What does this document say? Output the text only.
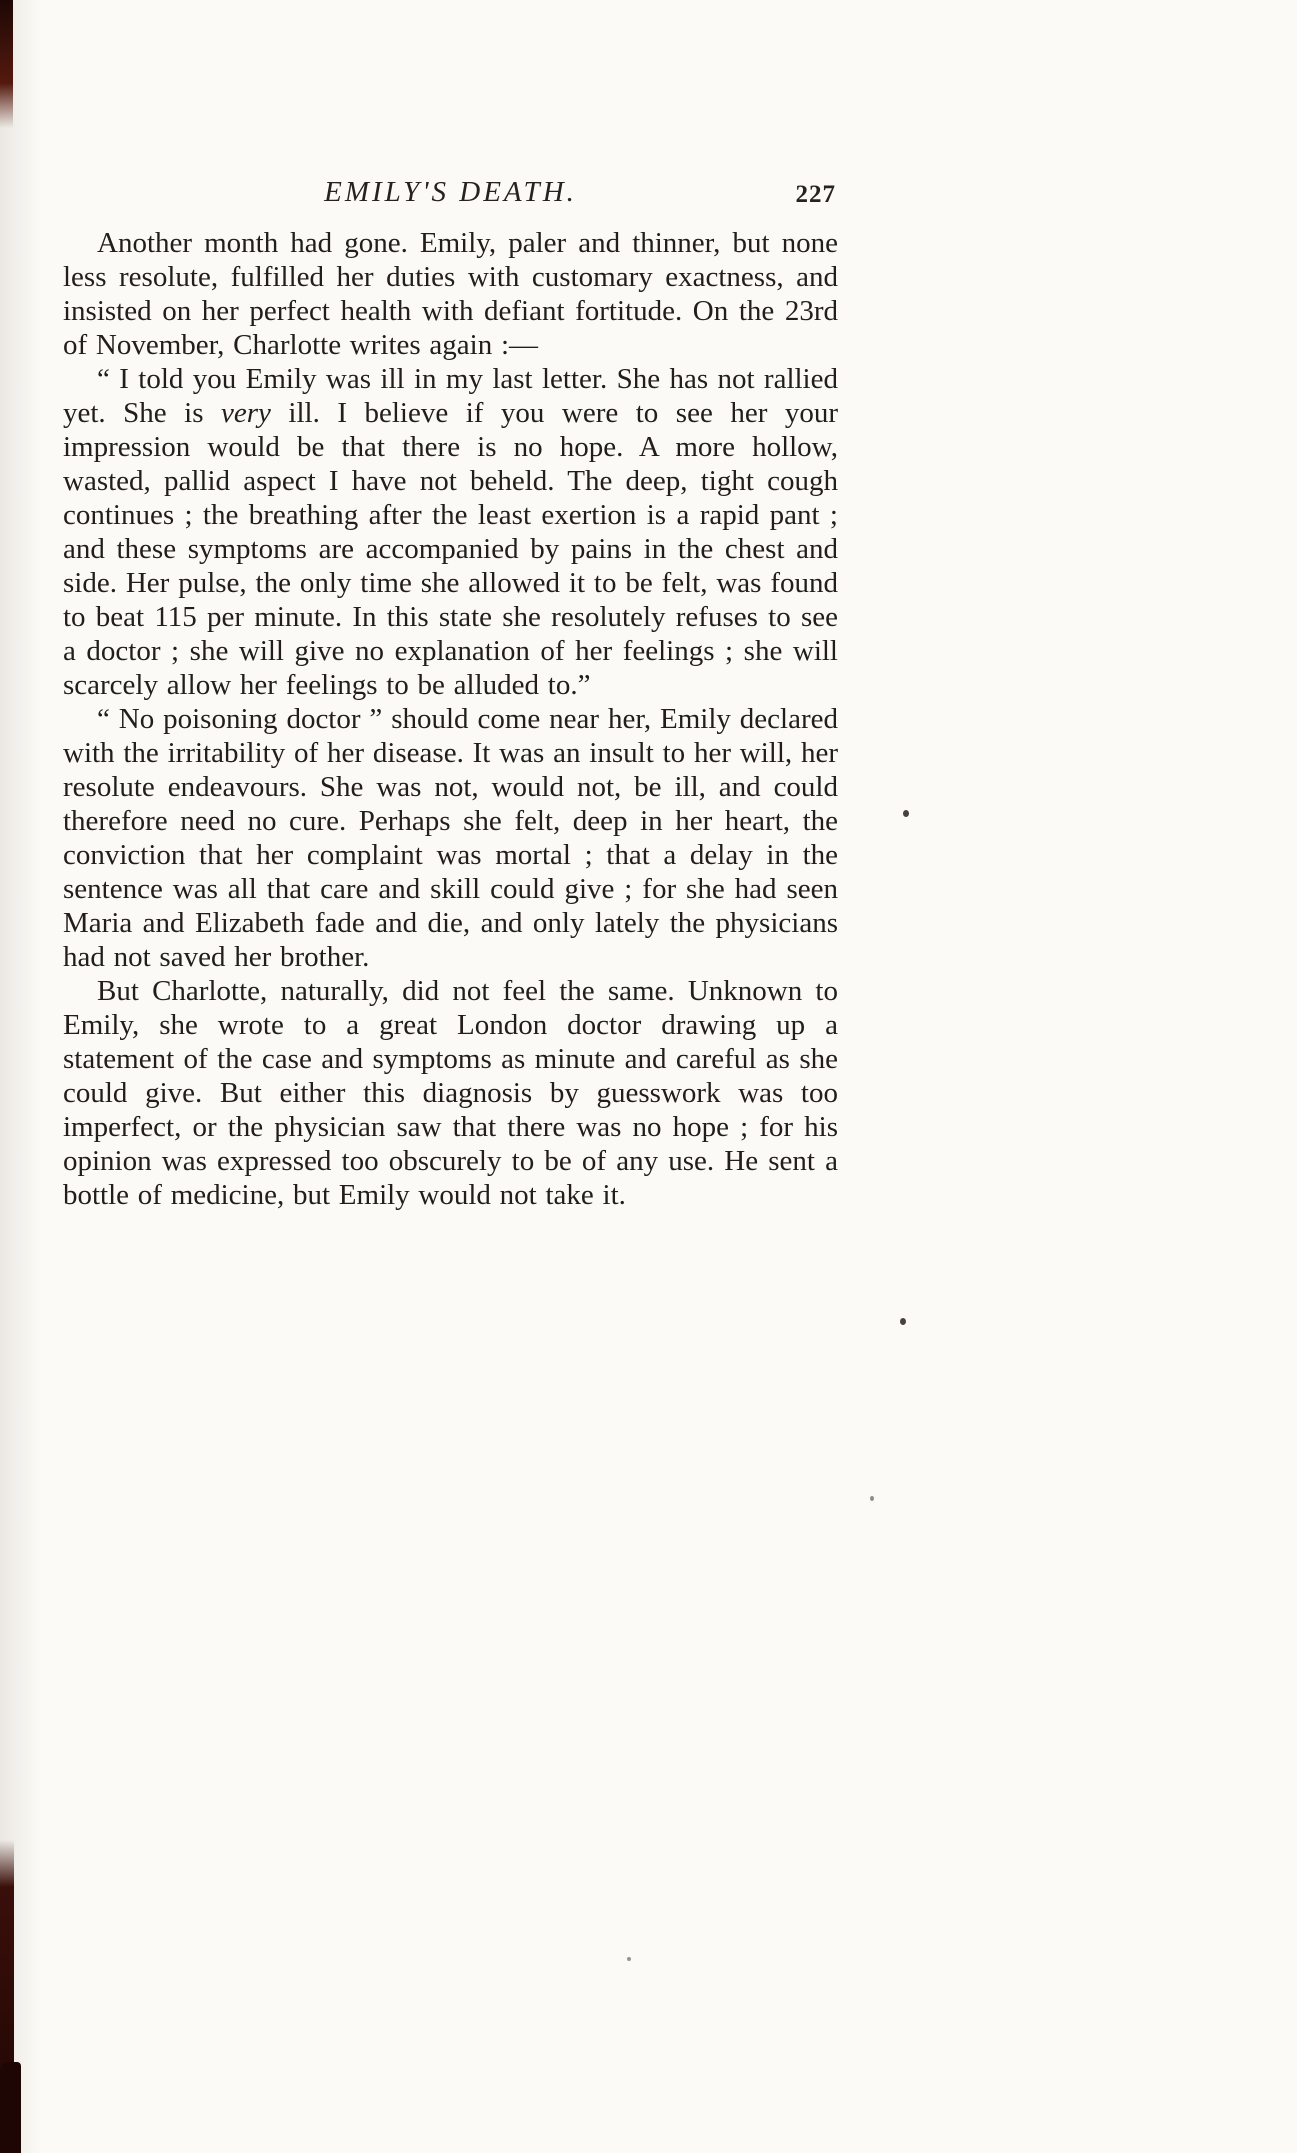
EMILY'S DEATH.	227

Another month had gone. Emily, paler and thinner, but none less resolute, fulfilled her duties with customary exactness, and insisted on her perfect health with defiant fortitude. On the 23rd of November, Charlotte writes again :—

“ I told you Emily was ill in my last letter. She has not rallied yet. She is very ill. I believe if you were to see her your impression would be that there is no hope. A more hollow, wasted, pallid aspect I have not beheld. The deep, tight cough continues ; the breathing after the least exertion is a rapid pant ; and these symptoms are accompanied by pains in the chest and side. Her pulse, the only time she allowed it to be felt, was found to beat 115 per minute. In this state she resolutely refuses to see a doctor ; she will give no explanation of her feelings ; she will scarcely allow her feelings to be alluded to.”

“ No poisoning doctor ” should come near her, Emily declared with the irritability of her disease. It was an insult to her will, her resolute endeavours. She was not, would not, be ill, and could therefore need no cure. Perhaps she felt, deep in her heart, the conviction that her complaint was mortal ; that a delay in the sentence was all that care and skill could give ; for she had seen Maria and Elizabeth fade and die, and only lately the physicians had not saved her brother.

But Charlotte, naturally, did not feel the same. Unknown to Emily, she wrote to a great London doctor drawing up a statement of the case and symptoms as minute and careful as she could give. But either this diagnosis by guesswork was too imperfect, or the physician saw that there was no hope ; for his opinion was expressed too obscurely to be of any use. He sent a bottle of medicine, but Emily would not take it.
